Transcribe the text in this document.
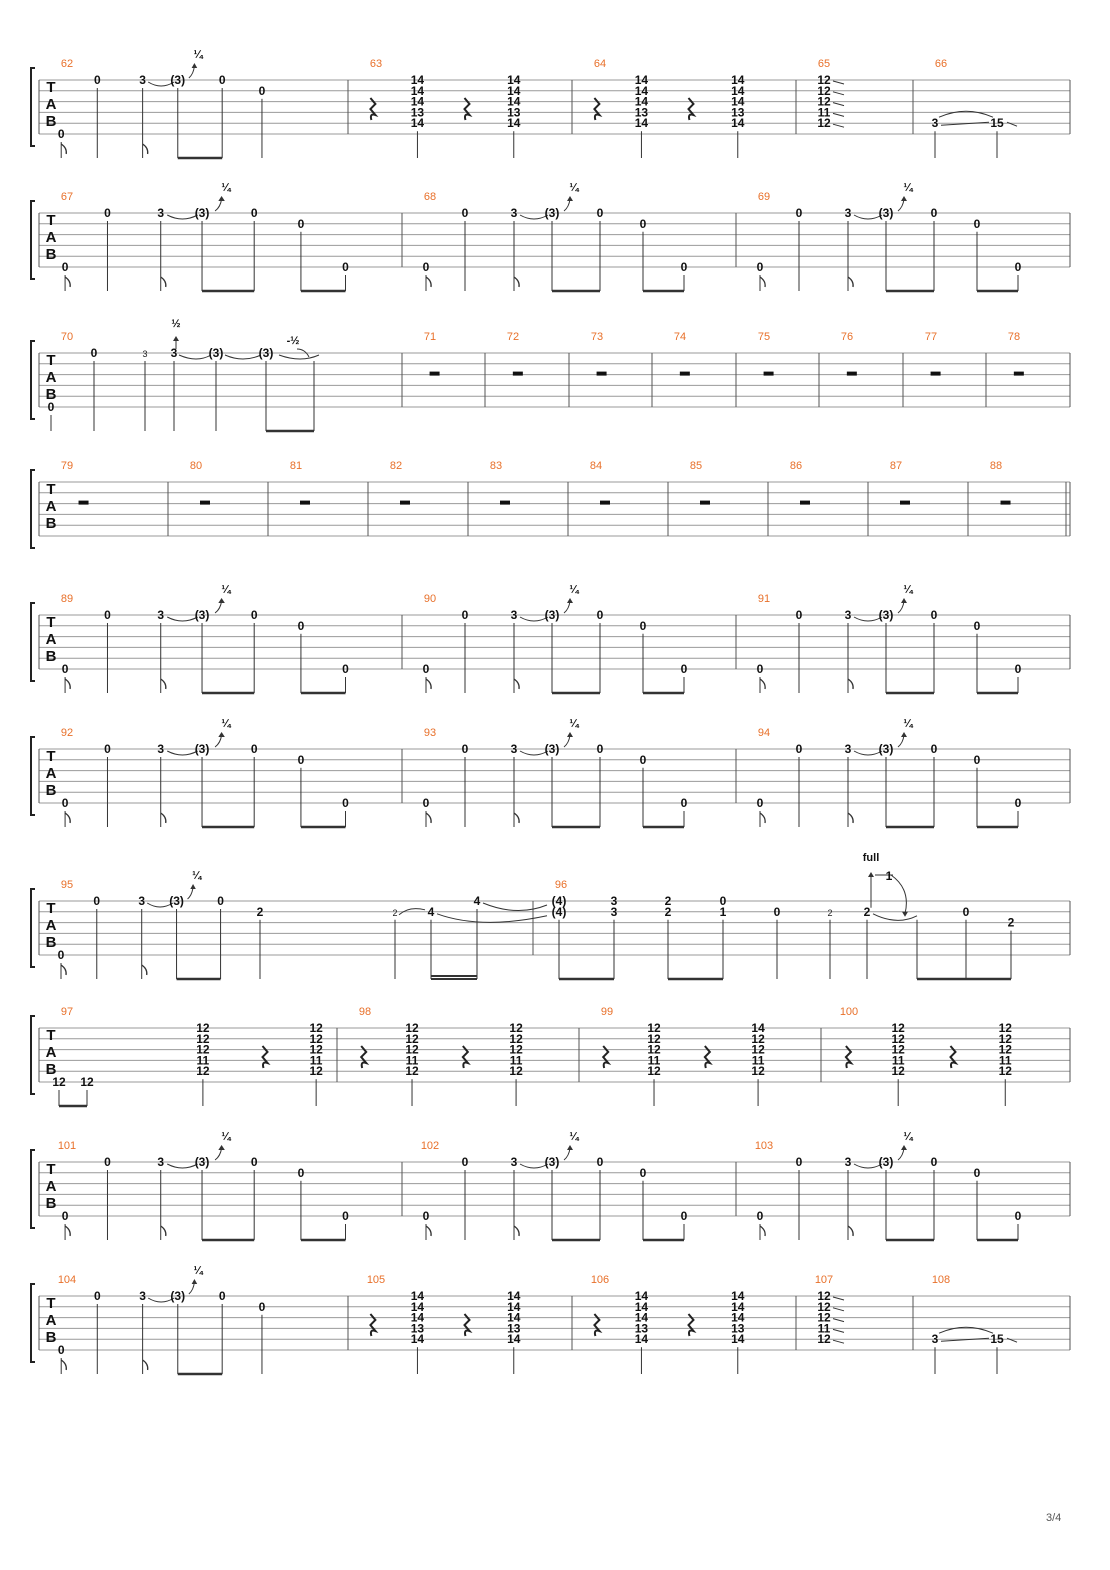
T
A
B
62
0
0	3 (3)
¼
0
0
63
14
14
14
13
14
14
14
14
13
14
64
14
14
14
13
14
14
14
14
13
14
65
12
12
12
11
12
66
3	15
T
A
B
67
0
0	3	(3)
¼
0
0
0
68
0
0	3 (3)
¼
0
0
0
69
0
0	3 (3)
¼
0
0
0
T
A
B
70
0
0	3 3
½
(3)	(3)
-½	71	72	73	74	75	76	77	78
T
A
B
79	80	81	82	83	84	85	86	87	88
T
A
B
89
0
0	3	(3)
¼
0
0
0
90
0
0	3 (3)
¼
0
0
0
91
0
0	3 (3)
¼
0
0
0
T
A
B
92
0
0	3	(3)
¼
0
0
0
93
0
0	3 (3)
¼
0
0
0
94
0
0	3 (3)
¼
0
0
0
T
A
B
95
0
0	3 (3)
¼
0
2	2	4
4
96
(4)
(4)
3
3
2
2
0
1	0	2	2
full
1
0
2
T
A
B
97
12 12
12
12
12
11
12
12
12
12
11
12
98
12
12
12
11
12
12
12
12
11
12
99
12
12
12
11
12
14
12
12
11
12
100
12
12
12
11
12
12
12
12
11
12
T
A
B
101
0
0	3	(3)
¼
0
0
0
102
0
0	3 (3)
¼
0
0
0
103
0
0	3 (3)
¼
0
0
0
T
A
B
104
0
0	3 (3)
¼
0
0
105
14
14
14
13
14
14
14
14
13
14
106
14
14
14
13
14
14
14
14
13
14
107
12
12
12
11
12
108
3	15
3/4
